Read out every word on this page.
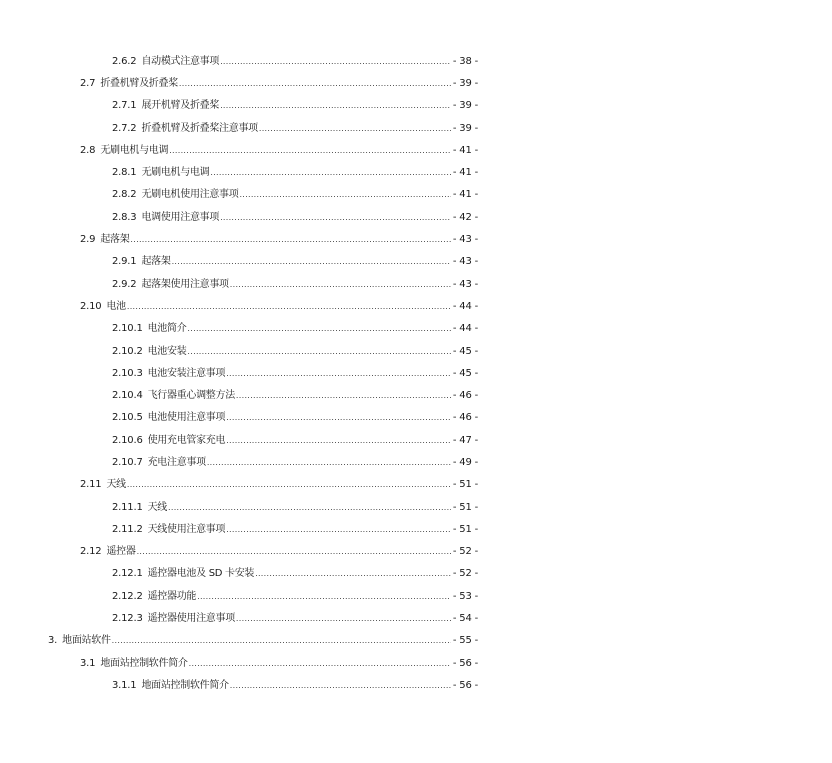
2.6.2 自动模式注意事项 .....	- 38 -
2.7 折叠机臂及折叠桨 .....	- 39 -
2.7.1 展开机臂及折叠桨 .....	- 39 -
2.7.2 折叠机臂及折叠桨注意事项 .....	- 39 -
2.8 无刷电机与电调 .....	- 41 -
2.8.1 无刷电机与电调 .....	- 41 -
2.8.2 无刷电机使用注意事项 .....	- 41 -
2.8.3 电调使用注意事项 .....	- 42 -
2.9 起落架 .....	- 43 -
2.9.1 起落架 .....	- 43 -
2.9.2 起落架使用注意事项 .....	- 43 -
2.10 电池 .....	- 44 -
2.10.1 电池简介 .....	- 44 -
2.10.2 电池安装 .....	- 45 -
2.10.3 电池安装注意事项 .....	- 45 -
2.10.4 飞行器重心调整方法 .....	- 46 -
2.10.5 电池使用注意事项 .....	- 46 -
2.10.6 使用充电管家充电 .....	- 47 -
2.10.7 充电注意事项 .....	- 49 -
2.11 天线 .....	- 51 -
2.11.1 天线 .....	- 51 -
2.11.2 天线使用注意事项 .....	- 51 -
2.12 遥控器 .....	- 52 -
2.12.1 遥控器电池及 SD 卡安装 .....	- 52 -
2.12.2 遥控器功能 .....	- 53 -
2.12.3 遥控器使用注意事项 .....	- 54 -
3. 地面站软件 .....	- 55 -
3.1 地面站控制软件简介 .....	- 56 -
3.1.1 地面站控制软件简介 .....	- 56 -
